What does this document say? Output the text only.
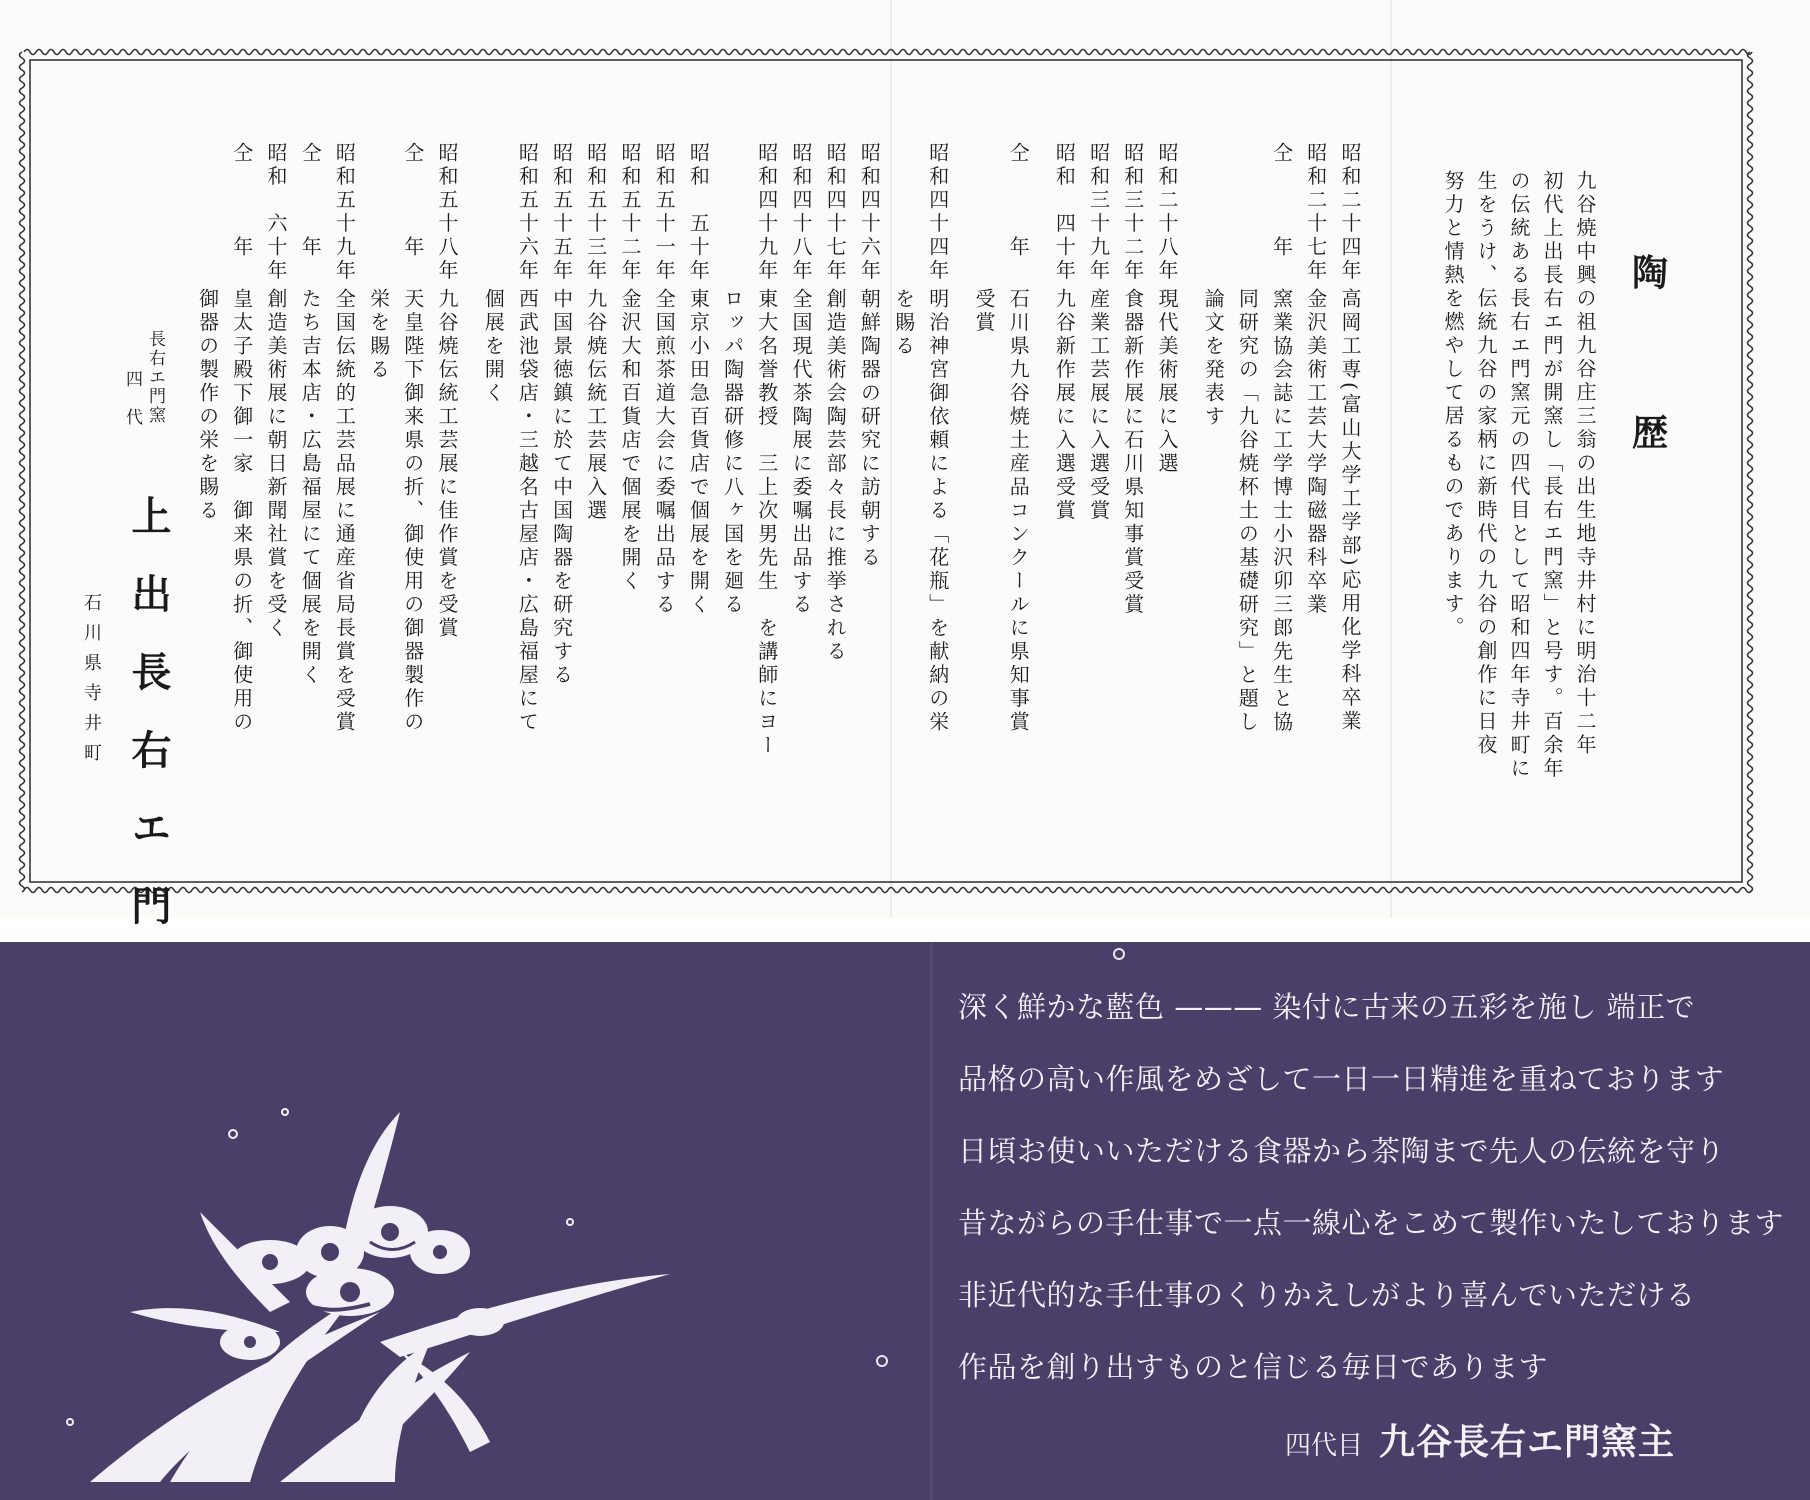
陶
歴
九谷焼中興の祖九谷庄三翁の出生地寺井村に明治十二年
初代上出長右エ門が開窯し「長右エ門窯」と号す。百余年
の伝統ある長右エ門窯元の四代目として昭和四年寺井町に
生をうけ、伝統九谷の家柄に新時代の九谷の創作に日夜
努力と情熱を燃やして居るものであります。
昭和二十四年
高岡工専(富山大学工学部)応用化学科卒業
昭和二十七年
金沢美術工芸大学陶磁器科卒業
仝　　　年
窯業協会誌に工学博士小沢卯三郎先生と協
同研究の「九谷焼杯土の基礎研究」と題し
論文を発表す
昭和二十八年
現代美術展に入選
昭和三十二年
食器新作展に石川県知事賞受賞
昭和三十九年
産業工芸展に入選受賞
昭和　四十年
九谷新作展に入選受賞
仝　　　年
石川県九谷焼土産品コンクールに県知事賞
受賞
昭和四十四年
明治神宮御依頼による「花瓶」を献納の栄
を賜る
昭和四十六年
朝鮮陶器の研究に訪朝する
昭和四十七年
創造美術会陶芸部々長に推挙される
昭和四十八年
全国現代茶陶展に委嘱出品する
昭和四十九年
東大名誉教授　三上次男先生　を講師にヨー
ロッパ陶器研修に八ヶ国を廻る
昭和　五十年
東京小田急百貨店で個展を開く
昭和五十一年
全国煎茶道大会に委嘱出品する
昭和五十二年
金沢大和百貨店で個展を開く
昭和五十三年
九谷焼伝統工芸展入選
昭和五十五年
中国景徳鎮に於て中国陶器を研究する
昭和五十六年
西武池袋店・三越名古屋店・広島福屋にて
個展を開く
昭和五十八年
九谷焼伝統工芸展に佳作賞を受賞
仝　　　年
天皇陛下御来県の折、御使用の御器製作の
栄を賜る
昭和五十九年
全国伝統的工芸品展に通産省局長賞を受賞
仝　　　年
たち吉本店・広島福屋にて個展を開く
昭和　六十年
創造美術展に朝日新聞社賞を受く
仝　　　年
皇太子殿下御一家　御来県の折、御使用の
御器の製作の栄を賜る
長右エ門窯
四　代
上 出 長 右 エ 門
石川県寺井町
深く鮮かな藍色 ——— 染付に古来の五彩を施し 端正で
品格の高い作風をめざして一日一日精進を重ねております
日頃お使いいただける食器から茶陶まで先人の伝統を守り
昔ながらの手仕事で一点一線心をこめて製作いたしております
非近代的な手仕事のくりかえしがより喜んでいただける
作品を創り出すものと信じる毎日であります
四代目 九谷長右エ門窯主
